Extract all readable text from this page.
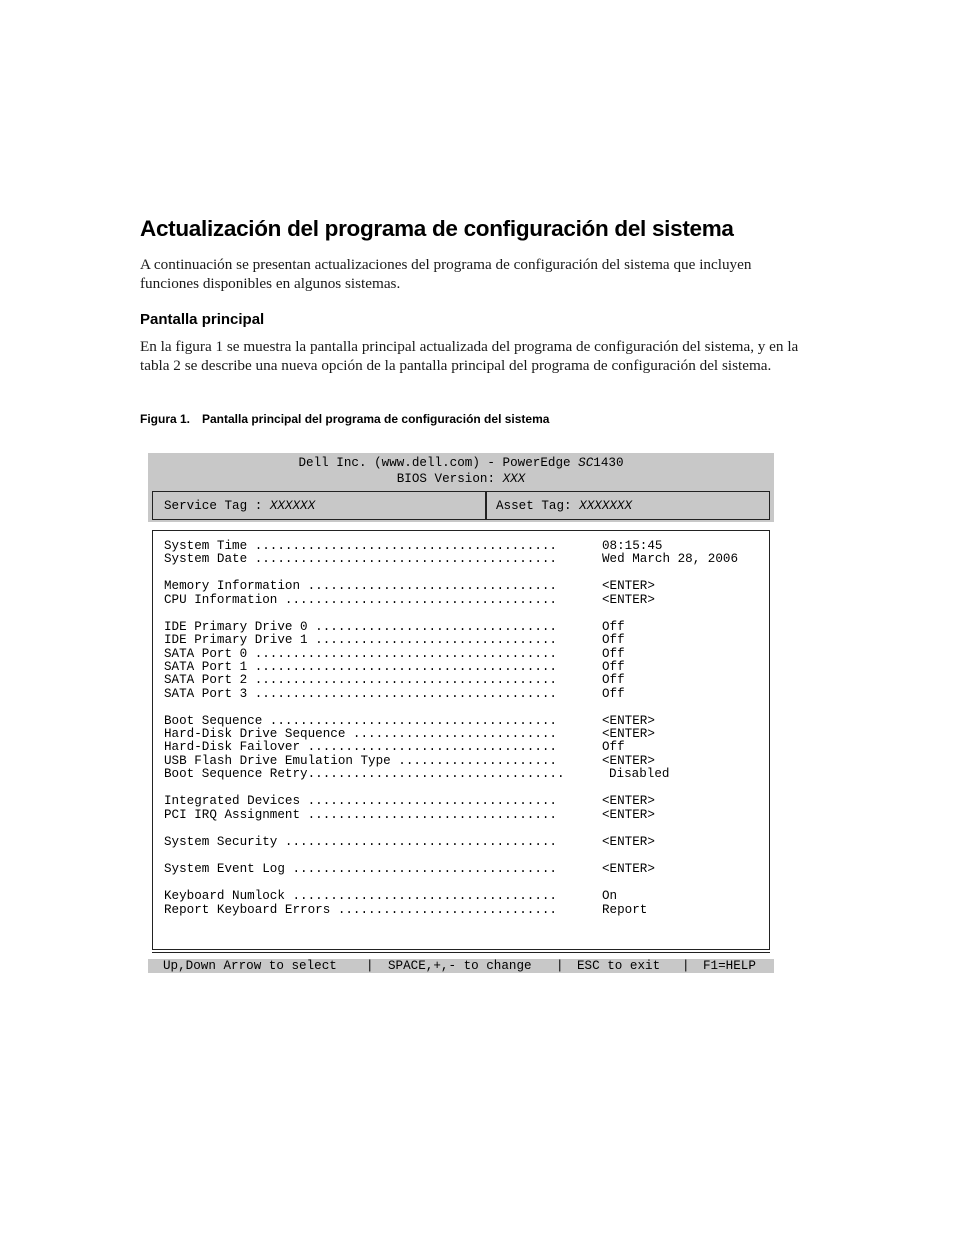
Actualización del programa de configuración del sistema

A continuación se presentan actualizaciones del programa de configuración del sistema que incluyen funciones disponibles en algunos sistemas.

Pantalla principal

En la figura 1 se muestra la pantalla principal actualizada del programa de configuración del sistema, y en la tabla 2 se describe una nueva opción de la pantalla principal del programa de configuración del sistema.

Figura 1. Pantalla principal del programa de configuración del sistema
Dell Inc. (www.dell.com) - PowerEdge SC1430
BIOS Version: XXX
Service Tag : XXXXXX	Asset Tag: XXXXXXX
System Time ........................................	08:15:45
System Date ........................................	Wed March 28, 2006
Memory Information .................................	<ENTER>
CPU Information ....................................	<ENTER>
IDE Primary Drive 0 ................................	Off
IDE Primary Drive 1 ................................	Off
SATA Port 0 ........................................	Off
SATA Port 1 ........................................	Off
SATA Port 2 ........................................	Off
SATA Port 3 ........................................	Off
Boot Sequence ......................................	<ENTER>
Hard-Disk Drive Sequence ...........................	<ENTER>
Hard-Disk Failover .................................	Off
USB Flash Drive Emulation Type .....................	<ENTER>
Boot Sequence Retry..................................	Disabled
Integrated Devices .................................	<ENTER>
PCI IRQ Assignment .................................	<ENTER>
System Security ....................................	<ENTER>
System Event Log ...................................	<ENTER>
Keyboard Numlock ...................................	On
Report Keyboard Errors .............................	Report
Up,Down Arrow to select | SPACE,+,- to change | ESC to exit | F1=HELP
